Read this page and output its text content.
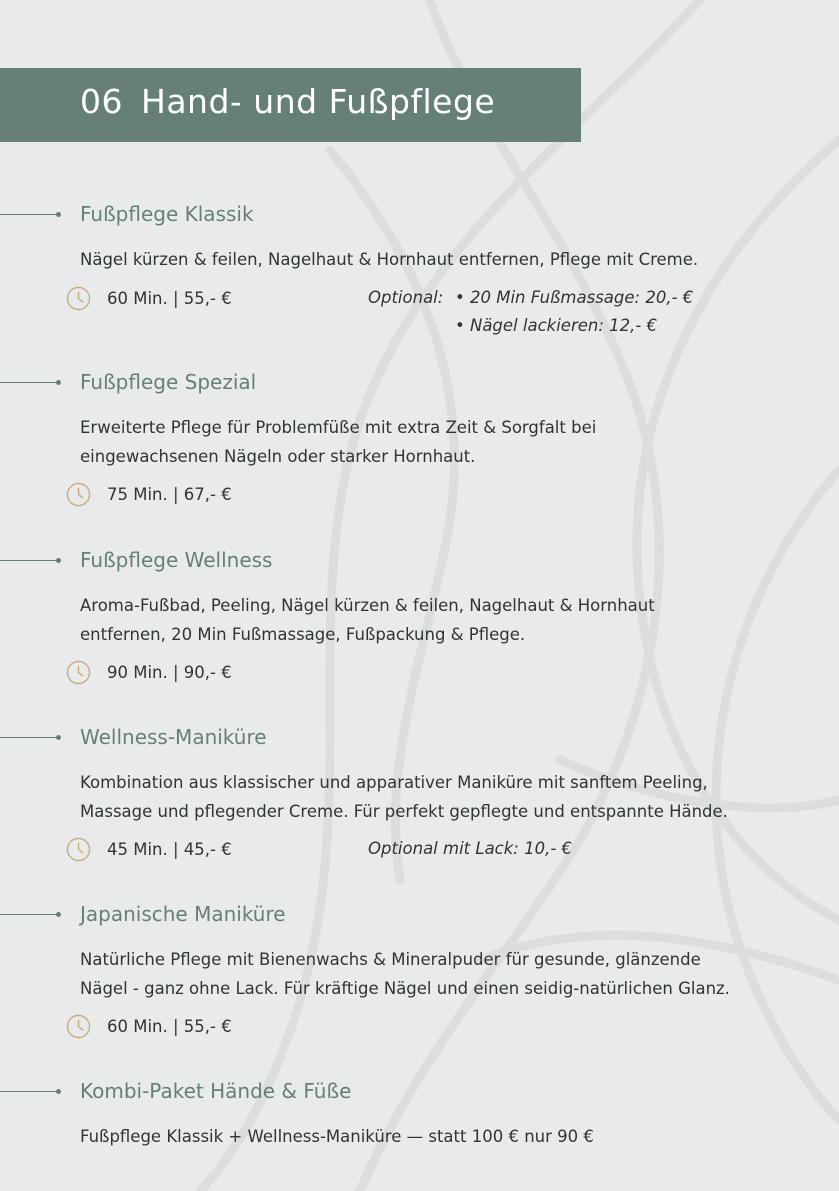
06 Hand- und Fußpflege
Fußpflege Klassik

Nägel kürzen & feilen, Nagelhaut & Hornhaut entfernen, Pflege mit Creme.

60 Min. | 55,- €	Optional: • 20 Min Fußmassage: 20,- €
• Nägel lackieren: 12,- €
Fußpflege Spezial

Erweiterte Pflege für Problemfüße mit extra Zeit & Sorgfalt bei
eingewachsenen Nägeln oder starker Hornhaut.

75 Min. | 67,- €
Fußpflege Wellness

Aroma-Fußbad, Peeling, Nägel kürzen & feilen, Nagelhaut & Hornhaut
entfernen, 20 Min Fußmassage, Fußpackung & Pflege.

90 Min. | 90,- €
Wellness-Maniküre

Kombination aus klassischer und apparativer Maniküre mit sanftem Peeling,
Massage und pflegender Creme. Für perfekt gepflegte und entspannte Hände.

45 Min. | 45,- €	Optional mit Lack: 10,- €
Japanische Maniküre

Natürliche Pflege mit Bienenwachs & Mineralpuder für gesunde, glänzende
Nägel - ganz ohne Lack. Für kräftige Nägel und einen seidig-natürlichen Glanz.

60 Min. | 55,- €
Kombi-Paket Hände & Füße

Fußpflege Klassik + Wellness-Maniküre — statt 100 € nur 90 €
